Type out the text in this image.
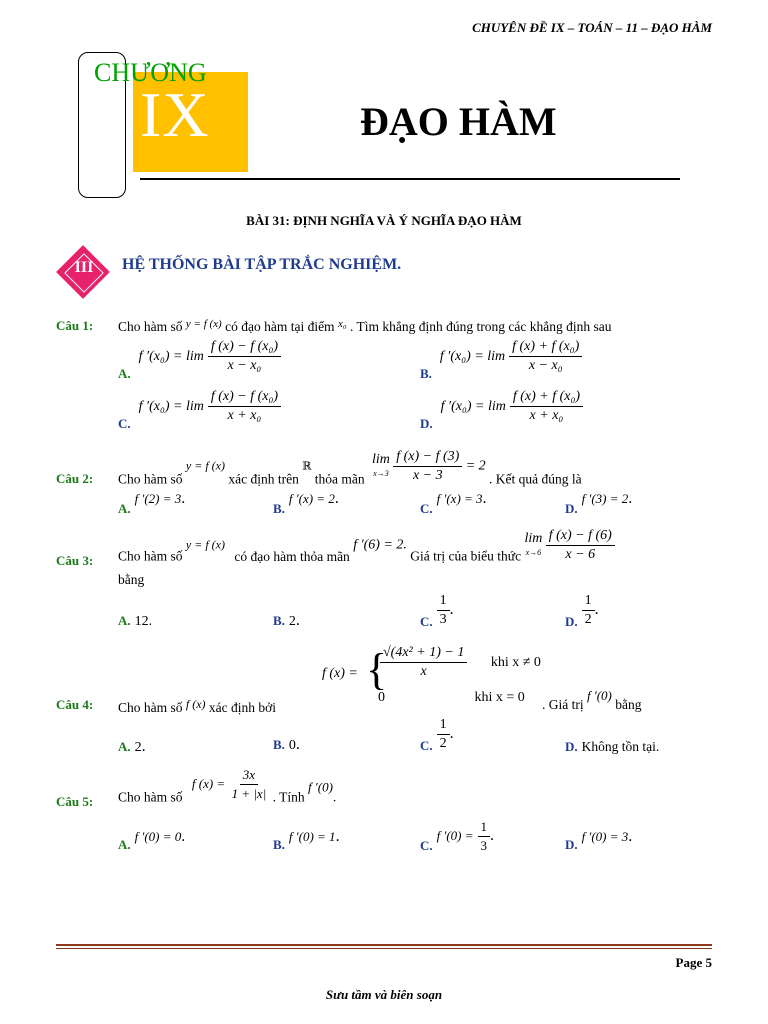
CHUYÊN ĐỀ IX – TOÁN – 11 – ĐẠO HÀM
CHƯƠNG
IX	ĐẠO HÀM
BÀI 31: ĐỊNH NGHĨA VÀ Ý NGHĨA ĐẠO HÀM
III HỆ THỐNG BÀI TẬP TRẮC NGHIỆM.
Câu 1: Cho hàm số $^{y = f (x)}$ có đạo hàm tại điểm $^{x_0}$ . Tìm khẳng định đúng trong các khẳng định sau
$_{A.}$ f $'(x_0) = \lim \frac{\text{f (x) − f (x₀)}}{\text{x − x₀}}$	$_{B.}$ f $'(x_0) = \lim \frac{\text{f (x) + f (x₀)}}{\text{x − x₀}}$
$_{C.}$ f $'(x_0) = \lim \frac{\text{f (x) − f (x₀)}}{\text{x + x₀}}$	$_{D.}$ f $'(x_0) = \lim \frac{\text{f (x) + f (x₀)}}{\text{x + x₀}}$
Câu 2: Cho hàm số y = f (x) xác định trên ℝ thỏa mãn
lim
x→3
$\frac{f (x) - f (3)}{x - 3} = 2$ . Kết quả đúng là
$_{A.}$ f ′(2) = 3.
$_{B.}$ f ′(x) = 2.
$_{C.}$ f ′(x) = 3.
$_{D.}$ f ′(3) = 2.
Câu 3: Cho hàm số y = f (x) có đạo hàm thỏa mãn f ′(6) = 2. Giá trị của biểu thức
lim
x→6
$\frac{f (x) - f (6)}{x - 6}$
bằng
A. 12.	B. 2.	$_{C.} \frac{1}{3}$ .
$_{D.} \frac{1}{2}$ .
f (x) = {
$\frac{\text{√(4x² + 1) − 1}}{x}$ khi x ≠ 0
0	khi x = 0
Câu 4: Cho hàm số f (x) xác định bởi	. Giá trị f ′(0) bằng
A. 2.	B. 0.	$_{C.} \frac{1}{2}$ .
D. Không tồn tại.
Câu 5: Cho hàm số f $(x) = \frac{3x}{1 + |x|}$ . Tính f ′(0).
$_{A.}$ f ′(0) = 0.	$_{B.}$ f ′(0) = 1.
$_{C.}$ f $'(0) = \frac{1}{3}$ .
$_{D.}$ f ′(0) = 3.
Page 5
Sưu tầm và biên soạn
